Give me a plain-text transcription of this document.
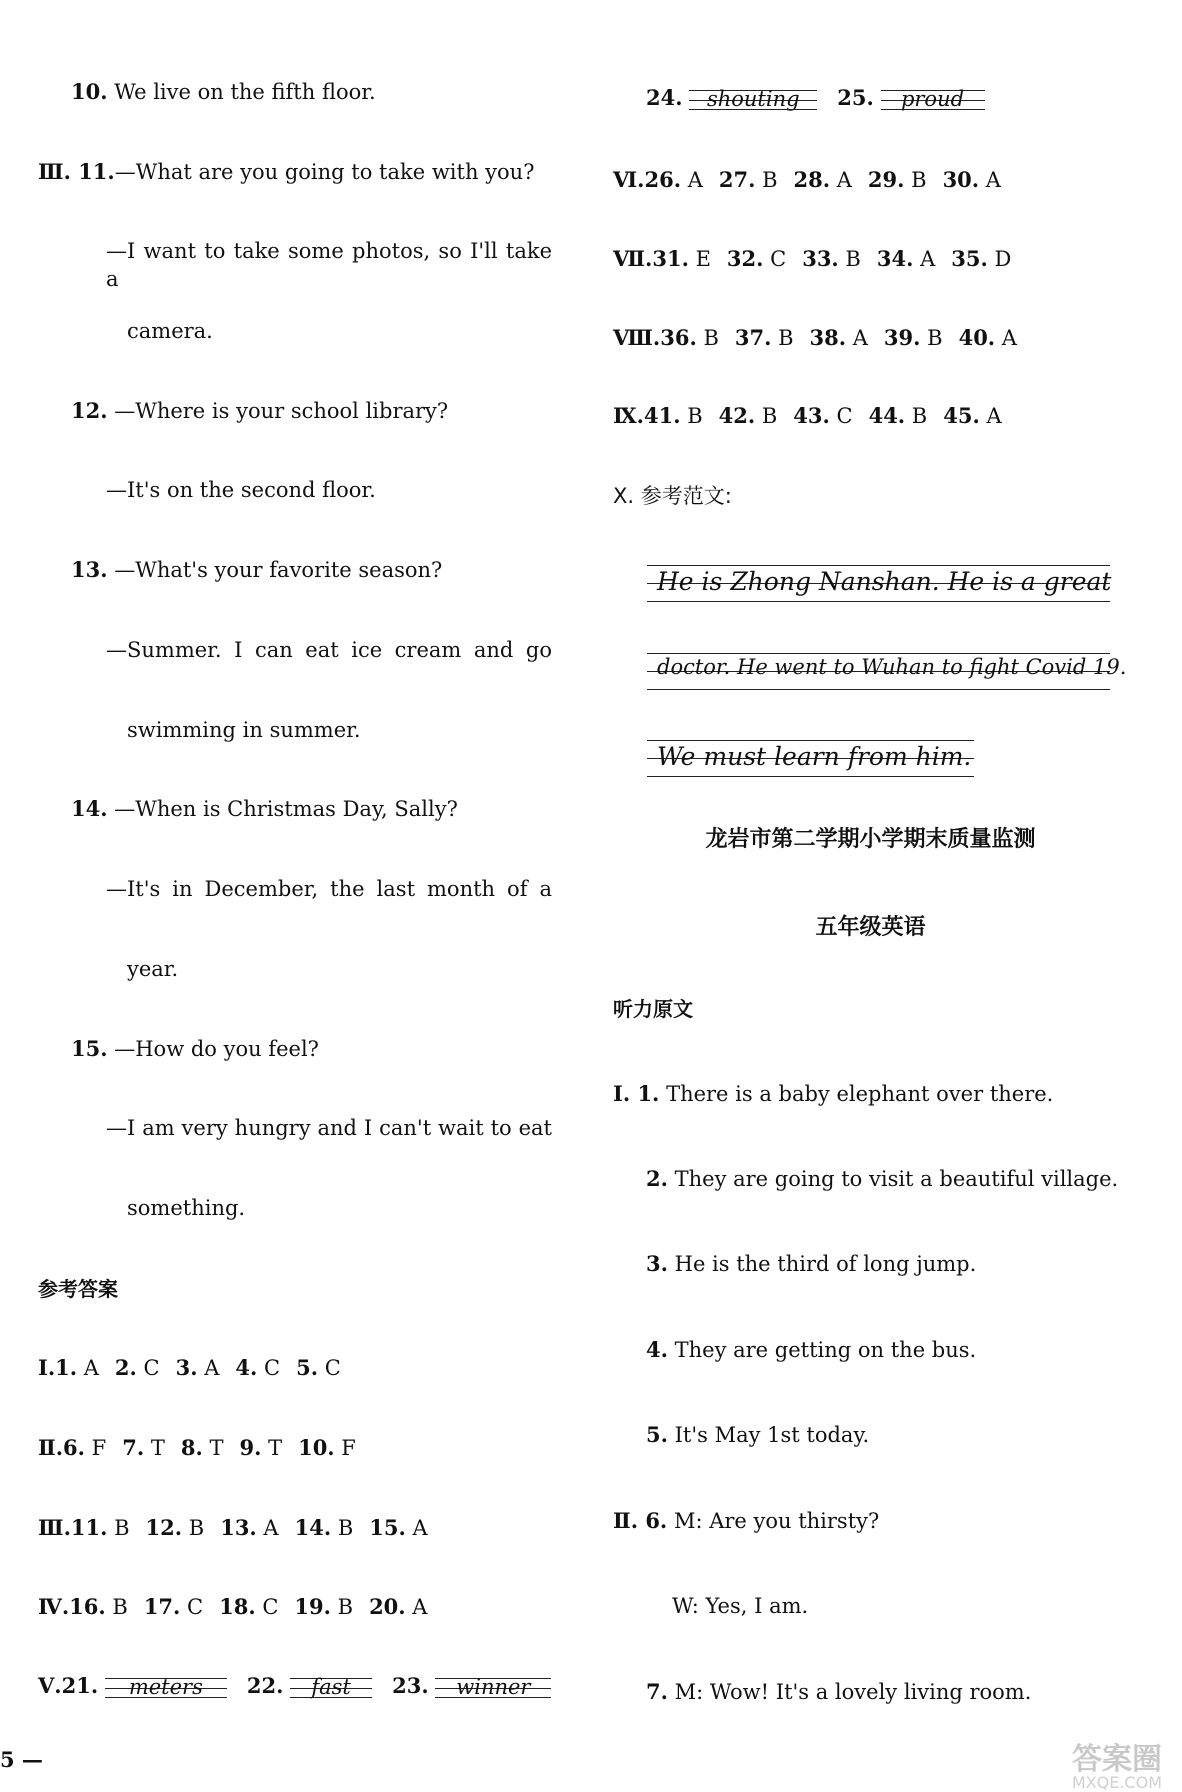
10. We live on the fifth floor.
Ⅲ. 11.—What are you going to take with you?
—I want to take some photos, so I'll take a
camera.
12. —Where is your school library?
—It's on the second floor.
13. —What's your favorite season?
—Summer. I can eat ice cream and go
swimming in summer.
14. —When is Christmas Day, Sally?
—It's in December, the last month of a
year.
15. —How do you feel?
—I am very hungry and I can't wait to eat
something.
参考答案
Ⅰ.1. A 2. C 3. A 4. C 5. C
Ⅱ.6. F 7. T 8. T 9. T 10. F
Ⅲ.11. B 12. B 13. A 14. B 15. A
Ⅳ.16. B 17. C 18. C 19. B 20. A
Ⅴ.21. meters 22. fast 23. winner
5 —
24. shouting 25. proud
Ⅵ.26. A 27. B 28. A 29. B 30. A
Ⅶ.31. E 32. C 33. B 34. A 35. D
Ⅷ.36. B 37. B 38. A 39. B 40. A
Ⅸ.41. B 42. B 43. C 44. B 45. A
Ⅹ. 参考范文:
He is Zhong Nanshan. He is a great
doctor. He went to Wuhan to fight Covid 19.
We must learn from him.
龙岩市第二学期小学期末质量监测
五年级英语
听力原文
Ⅰ. 1. There is a baby elephant over there.
2. They are going to visit a beautiful village.
3. He is the third of long jump.
4. They are getting on the bus.
5. It's May 1st today.
Ⅱ. 6. M: Are you thirsty?
W: Yes, I am.
7. M: Wow! It's a lovely living room.
答案圈
MXQE.COM
